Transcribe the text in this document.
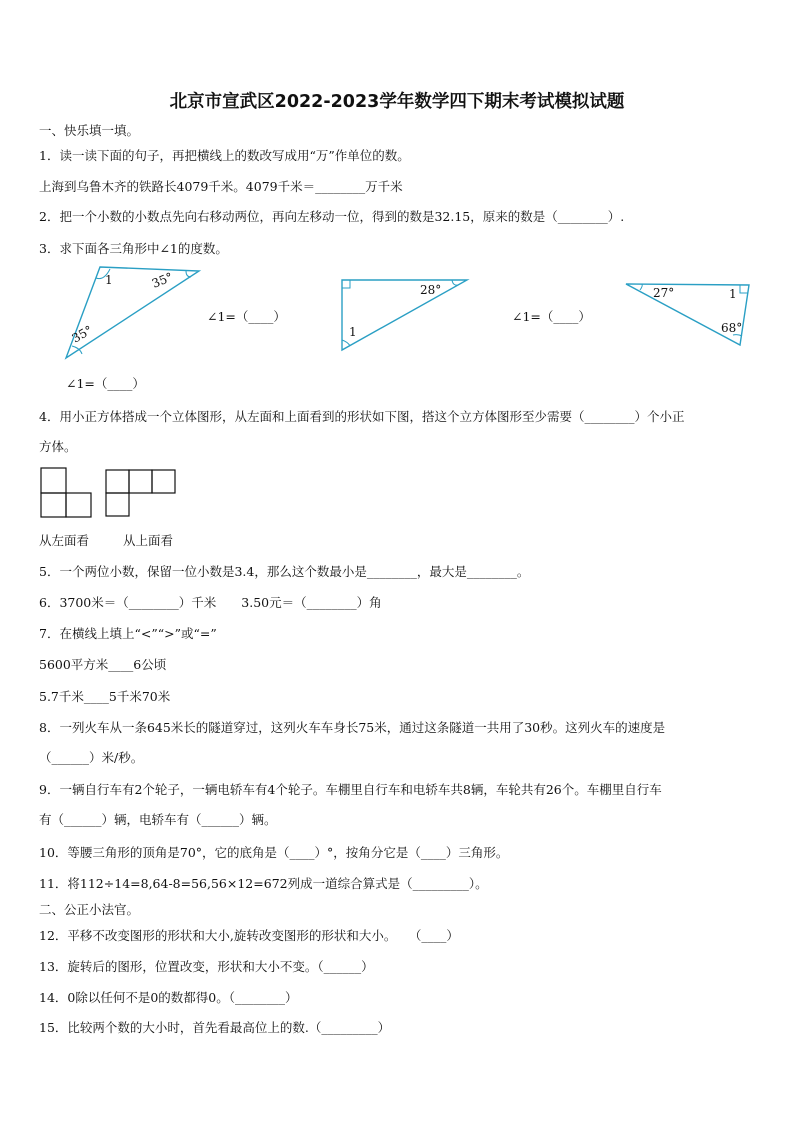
北京市宣武区2022-2023学年数学四下期末考试模拟试题
一、快乐填一填。
1．读一读下面的句子，再把横线上的数改写成用“万”作单位的数。
上海到乌鲁木齐的铁路长4079千米。4079千米＝________万千米
2．把一个小数的小数点先向右移动两位，再向左移动一位，得到的数是32.15，原来的数是（________）.
3．求下面各三角形中∠1的度数。
1	35°
35°
28°
1
27°	1
68°
∠1=（____）	∠1=（____）
∠1=（____）
4．用小正方体搭成一个立体图形，从左面和上面看到的形状如下图，搭这个立方体图形至少需要（________）个小正
方体。
从左面看	从上面看
5．一个两位小数，保留一位小数是3.4，那么这个数最小是________，最大是________。
6．3700米＝（________）千米　　3.50元＝（________）角
7．在横线上填上“<”“>”或“=”
5600平方米____6公顷
5.7千米____5千米70米
8．一列火车从一条645米长的隧道穿过，这列火车车身长75米，通过这条隧道一共用了30秒。这列火车的速度是
（______）米/秒。
9．一辆自行车有2个轮子，一辆电轿车有4个轮子。车棚里自行车和电轿车共8辆，车轮共有26个。车棚里自行车
有（______）辆，电轿车有（______）辆。
10．等腰三角形的顶角是70°，它的底角是（____）°，按角分它是（____）三角形。
11．将112÷14=8,64-8=56,56×12=672列成一道综合算式是（_________）。
二、公正小法官。
12．平移不改变图形的形状和大小,旋转改变图形的形状和大小。　　（____）
13．旋转后的图形，位置改变，形状和大小不变。（______）
14．0除以任何不是0的数都得0。（________）
15．比较两个数的大小时，首先看最高位上的数.（_________）
